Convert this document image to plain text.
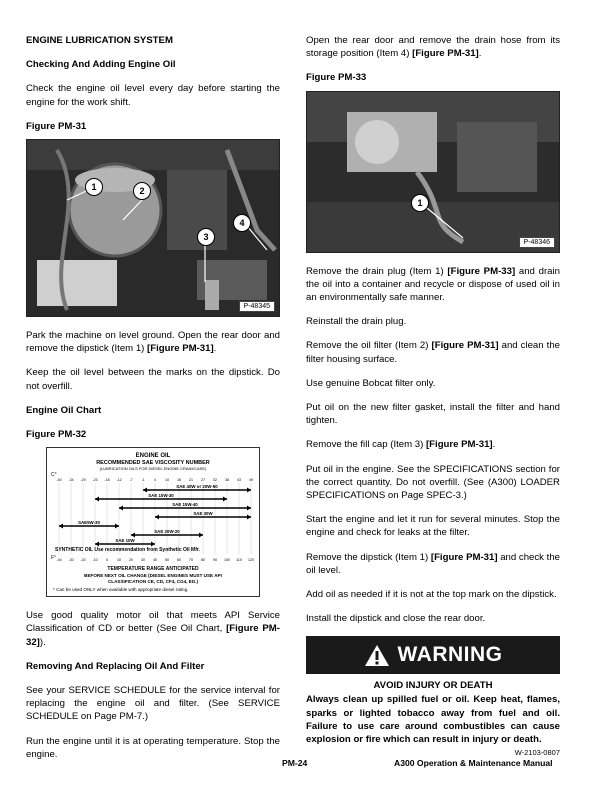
ENGINE LUBRICATION SYSTEM

Checking And Adding Engine Oil

Check the engine oil level every day before starting the engine for the work shift.

Figure PM-31

1	2
3
4
P-48345

Park the machine on level ground. Open the rear door and remove the dipstick (Item 1) [Figure PM-31].

Keep the oil level between the marks on the dipstick. Do not overfill.

Engine Oil Chart

Figure PM-32

ENGINE OIL
RECOMMENDED SAE VISCOSITY NUMBER
(LUBRICATION OILS FOR DIESEL ENGINE CRANKCASE)
C°
F°
-40 -34 -29 -23 -18 -12 -7 -1	4	10 16 21 27 32 38 43 49
-40 -30 -20 -10 0	10 20 30 40 50 60 70 80 90 100 110 120
SAE 40W or 20W-50
SAE 10W-30
SAE 15W-40
SAE 30W
SAE5W-30
SAE 20W-20
SAE 10W
SYNTHETIC OIL Use recommendation from Synthetic Oil Mfr.
TEMPERATURE RANGE ANTICIPATED
BEFORE NEXT OIL CHANGE (DIESEL ENGINES MUST USE API
CLASSIFICATION CE, CD, CF4, CG4, ED.)
* Can be used ONLY when available with appropriate diesel rating.

Use good quality motor oil that meets API Service Classification of CD or better (See Oil Chart, [Figure PM-32]).

Removing And Replacing Oil And Filter

See your SERVICE SCHEDULE for the service interval for replacing the engine oil and filter. (See SERVICE SCHEDULE on Page PM-7.)

Run the engine until it is at operating temperature. Stop the engine.

Open the rear door and remove the drain hose from its storage position (Item 4) [Figure PM-31].

Figure PM-33

1
P-48346

Remove the drain plug (Item 1) [Figure PM-33] and drain the oil into a container and recycle or dispose of used oil in an environmentally safe manner.

Reinstall the drain plug.

Remove the oil filter (Item 2) [Figure PM-31] and clean the filter housing surface.

Use genuine Bobcat filter only.

Put oil on the new filter gasket, install the filter and hand tighten.

Remove the fill cap (Item 3) [Figure PM-31].

Put oil in the engine. See the SPECIFICATIONS section for the correct quantity. Do not overfill. (See (A300) LOADER SPECIFICATIONS on Page SPEC-3.)

Start the engine and let it run for several minutes. Stop the engine and check for leaks at the filter.

Remove the dipstick (Item 1) [Figure PM-31] and check the oil level.

Add oil as needed if it is not at the top mark on the dipstick.

Install the dipstick and close the rear door.

WARNING
AVOID INJURY OR DEATH

Always clean up spilled fuel or oil. Keep heat, flames, sparks or lighted tobacco away from fuel and oil. Failure to use care around combustibles can cause explosion or fire which can result in injury or death.

W-2103-0807
PM-24	A300 Operation & Maintenance Manual
